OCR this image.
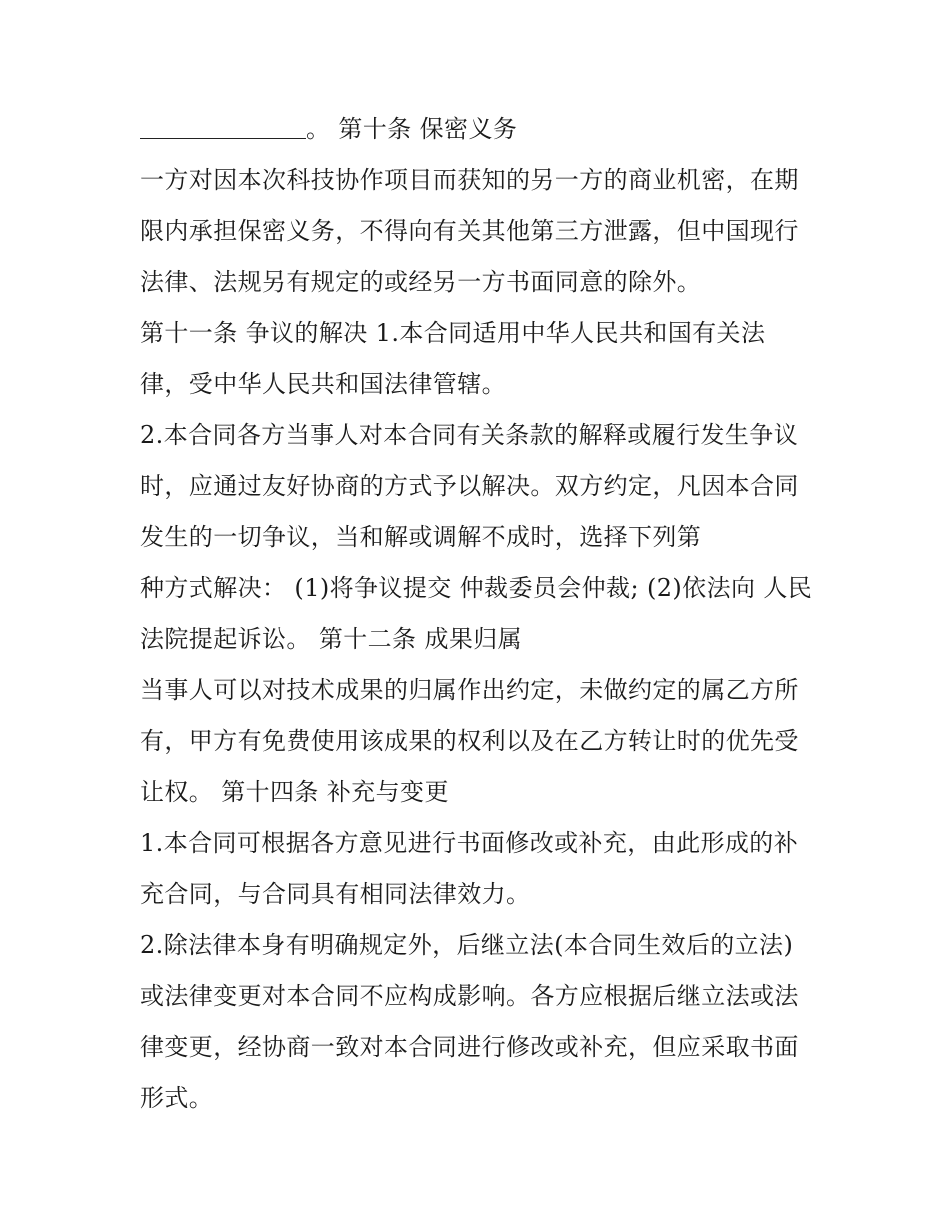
。 第十条 保密义务
一方对因本次科技协作项目而获知的另一方的商业机密，在期
限内承担保密义务，不得向有关其他第三方泄露，但中国现行
法律、法规另有规定的或经另一方书面同意的除外。
第十一条 争议的解决 1.本合同适用中华人民共和国有关法
律，受中华人民共和国法律管辖。
2.本合同各方当事人对本合同有关条款的解释或履行发生争议
时，应通过友好协商的方式予以解决。双方约定，凡因本合同
发生的一切争议，当和解或调解不成时，选择下列第
种方式解决： (1)将争议提交 仲裁委员会仲裁; (2)依法向 人民
法院提起诉讼。 第十二条 成果归属
当事人可以对技术成果的归属作出约定，未做约定的属乙方所
有，甲方有免费使用该成果的权利以及在乙方转让时的优先受
让权。 第十四条 补充与变更
1.本合同可根据各方意见进行书面修改或补充，由此形成的补
充合同，与合同具有相同法律效力。
2.除法律本身有明确规定外，后继立法(本合同生效后的立法)
或法律变更对本合同不应构成影响。各方应根据后继立法或法
律变更，经协商一致对本合同进行修改或补充，但应采取书面
形式。
